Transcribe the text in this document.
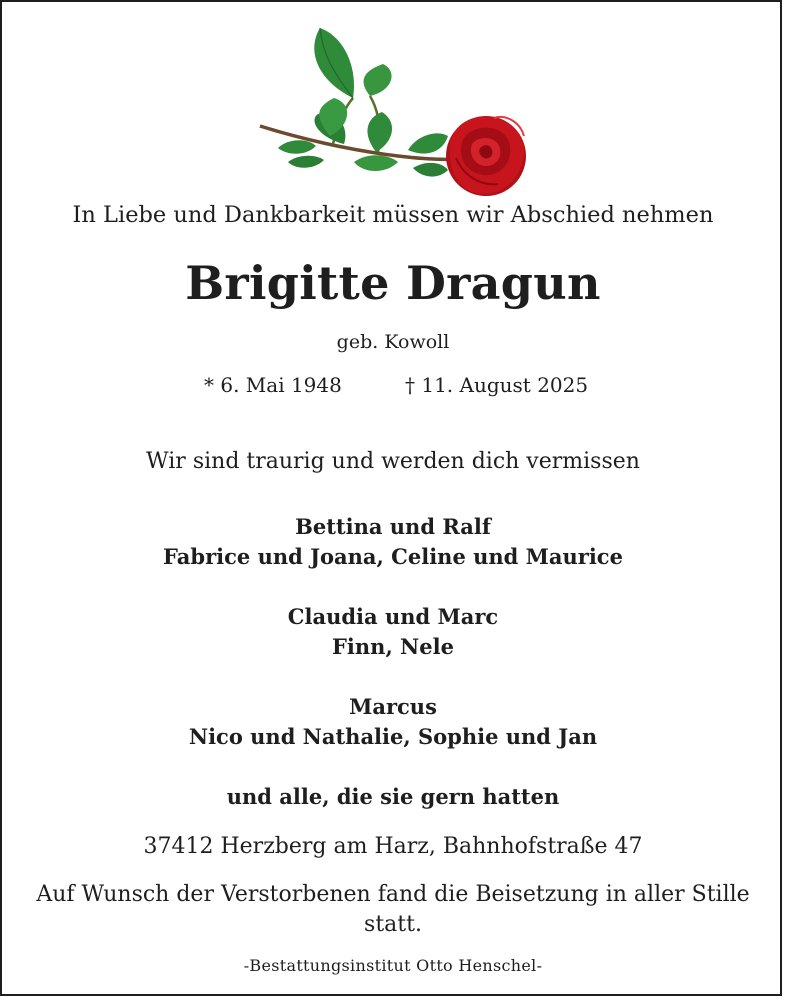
In Liebe und Dankbarkeit müssen wir Abschied nehmen
Brigitte Dragun
geb. Kowoll
* 6. Mai 1948	† 11. August 2025
Wir sind traurig und werden dich vermissen
Bettina und Ralf
Fabrice und Joana, Celine und Maurice
Claudia und Marc
Finn, Nele
Marcus
Nico und Nathalie, Sophie und Jan
und alle, die sie gern hatten
37412 Herzberg am Harz, Bahnhofstraße 47
Auf Wunsch der Verstorbenen fand die Beisetzung in aller Stille statt.
-Bestattungsinstitut Otto Henschel-
